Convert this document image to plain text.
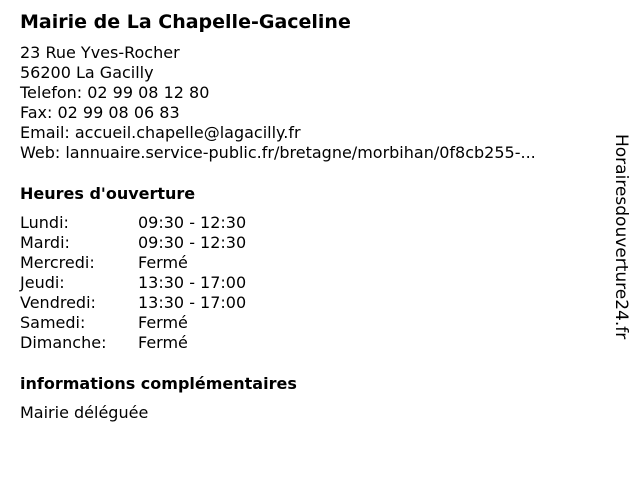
Mairie de La Chapelle-Gaceline
23 Rue Yves-Rocher
56200 La Gacilly
Telefon: 02 99 08 12 80
Fax: 02 99 08 06 83
Email: accueil.chapelle@lagacilly.fr
Web: lannuaire.service-public.fr/bretagne/morbihan/0f8cb255-...
Heures d'ouverture
Lundi:	09:30 - 12:30
Mardi:	09:30 - 12:30
Mercredi:	Fermé
Jeudi:	13:30 - 17:00
Vendredi:	13:30 - 17:00
Samedi:	Fermé
Dimanche:	Fermé
informations complémentaires
Mairie déléguée
Horairesdouverture24.fr
